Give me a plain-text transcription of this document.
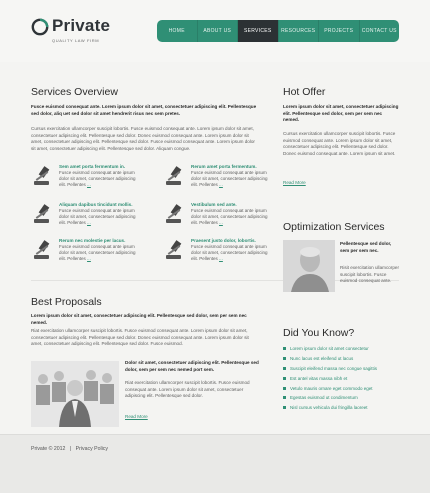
Private
QUALITY LAW FIRM
HOME	ABOUT US	SERVICES	RESOURCES	PROJECTS	CONTACT US
Services Overview

Fusce euismod consequat ante. Lorem ipsum dolor sit amet, consectetuer adipiscing elit. Pellentesque sed dolor, aliq uet sed dolor sit amet hendrerit risus nec sem pretes.

Cursus exercitation ullamcorper suscipit lobortis. Fusce euismod consequat ante. Lorem ipsum dolor sit amet, consectetuer adipiscing elit. Pellentesque sed dolor. Donec euismod consequat ante. Lorem ipsum dolor sit amet, consectetuer adipiscing elit. Pellentesque sed dolor. Fusce euismod consequat ante. Lorem ipsum dolor sit amet, consectetuer adipiscing elit. Pellentesque sed dolor. Aliquam congue.

Sem amet porta fermentum in.
Fusce euismod consequat ante ipsum dolor sit amet, consectetuer adipiscing elit. Pellentes ...
Rerum amet porta fermentum.
Fusce euismod consequat ante ipsum dolor sit amet, consectetuer adipiscing elit. Pellentes ...
Aliquam dapibus tincidunt mollis.
Fusce euismod consequat ante ipsum dolor sit amet, consectetuer adipiscing elit. Pellentes ...
Vestibulum sed ante.
Fusce euismod consequat ante ipsum dolor sit amet, consectetuer adipiscing elit. Pellentes ...
Rerum nec molestie per lacus.
Fusce euismod consequat ante ipsum dolor sit amet, consectetuer adipiscing elit. Pellentes ...
Praesent justo dolor, lobortis.
Fusce euismod consequat ante ipsum dolor sit amet, consectetuer adipiscing elit. Pellentes ...
Hot Offer

Lorem ipsum dolor sit amet, consectetuer adipiscing elit. Pellentesque sed dolor, sem per sem nec nemed.

Cursus exercitation ullamcorper suscipit lobortis. Fusce euismod consequat ante. Lorem ipsum dolor sit amet, consectetuer adipiscing elit. Pellentesque sed dolor. Donec euismod consequat ante. Lorem ipsum sit amet.

Read More
Optimization Services

Pellentesque sed dolor, sem per sem nec.

Risit exercitation ullamcorper suscipit lobortis. Fusce euismod consequat ante.

Best Proposals

Lorem ipsum dolor sit amet, consectetuer adipiscing elit. Pellentesque sed dolor, sem per sem nec nemed.

Riat exercitation ullamcorper suscipit lobortis. Fusce euismod consequat ante. Lorem ipsum dolor sit amet, consectetuer adipiscing elit. Pellentesque sed dolor. Donec euismod consequat ante. Lorem ipsum dolor sit amet, consectetuer adipiscing elit. Pellentesque sed dolor. Fusce euismod.

Dolor sit amet, consectetuer adipiscing elit. Pellentesque sed dolor, sem per sem nec nemed port sem.

Riat exercitation ullamcorper suscipit lobortis. Fusce euismod consequat ante. Lorem ipsum dolor sit amet, consectetuer adipiscing elit. Pellentesque sed dolor.

Read More
Did You Know?
Lorem ipsum dolor sit amet consectetur
Nunc lacus est eleifend ut lacus
Suscipit eleifend massa nec congue sagittis
Est antel vitas massa nibh et
Vetulo mauris ornare eget commodo eget
Egestas euismod ut condimentum
Nisl cursus vehicula dui fringilla laoreet
Private © 2012 | Privacy Policy
